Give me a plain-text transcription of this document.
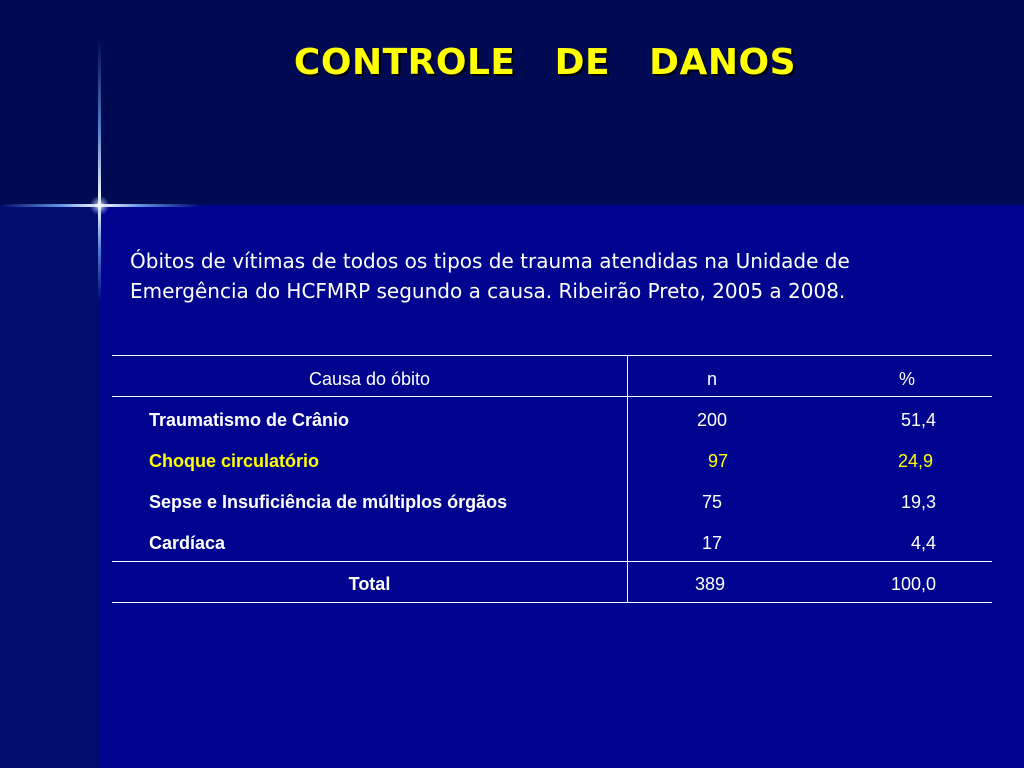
CONTROLE   DE   DANOS
Óbitos de vítimas de todos os tipos de trauma atendidas na Unidade de
Emergência do HCFMRP segundo a causa. Ribeirão Preto, 2005 a 2008.
Causa do óbito	n	%
Traumatismo de Crânio	200	51,4
Choque circulatório	97	24,9
Sepse e Insuficiência de múltiplos órgãos	75	19,3
Cardíaca	17	4,4
Total	389	100,0
